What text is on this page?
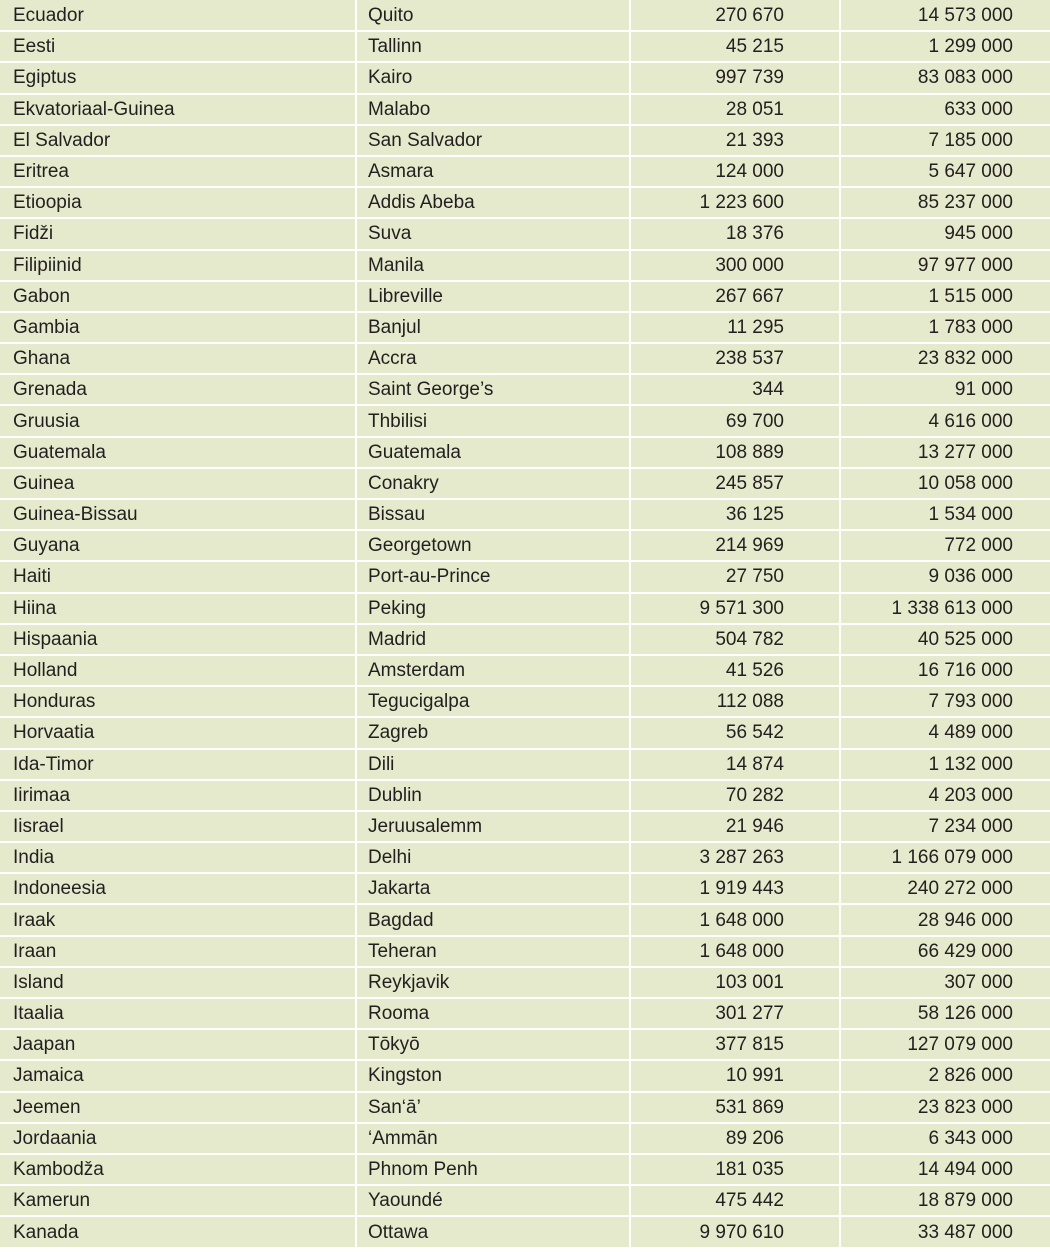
Ecuador	Quito	270 670	14 573 000
Eesti	Tallinn	45 215	1 299 000
Egiptus	Kairo	997 739	83 083 000
Ekvatoriaal-Guinea	Malabo	28 051	633 000
El Salvador	San Salvador	21 393	7 185 000
Eritrea	Asmara	124 000	5 647 000
Etioopia	Addis Abeba	1 223 600	85 237 000
Fidži	Suva	18 376	945 000
Filipiinid	Manila	300 000	97 977 000
Gabon	Libreville	267 667	1 515 000
Gambia	Banjul	11 295	1 783 000
Ghana	Accra	238 537	23 832 000
Grenada	Saint George’s	344	91 000
Gruusia	Thbilisi	69 700	4 616 000
Guatemala	Guatemala	108 889	13 277 000
Guinea	Conakry	245 857	10 058 000
Guinea-Bissau	Bissau	36 125	1 534 000
Guyana	Georgetown	214 969	772 000
Haiti	Port-au-Prince	27 750	9 036 000
Hiina	Peking	9 571 300	1 338 613 000
Hispaania	Madrid	504 782	40 525 000
Holland	Amsterdam	41 526	16 716 000
Honduras	Tegucigalpa	112 088	7 793 000
Horvaatia	Zagreb	56 542	4 489 000
Ida-Timor	Dili	14 874	1 132 000
Iirimaa	Dublin	70 282	4 203 000
Iisrael	Jeruusalemm	21 946	7 234 000
India	Delhi	3 287 263	1 166 079 000
Indoneesia	Jakarta	1 919 443	240 272 000
Iraak	Bagdad	1 648 000	28 946 000
Iraan	Teheran	1 648 000	66 429 000
Island	Reykjavik	103 001	307 000
Itaalia	Rooma	301 277	58 126 000
Jaapan	Tōkyō	377 815	127 079 000
Jamaica	Kingston	10 991	2 826 000
Jeemen	San‘ā’	531 869	23 823 000
Jordaania	‘Ammān	89 206	6 343 000
Kambodža	Phnom Penh	181 035	14 494 000
Kamerun	Yaoundé	475 442	18 879 000
Kanada	Ottawa	9 970 610	33 487 000
